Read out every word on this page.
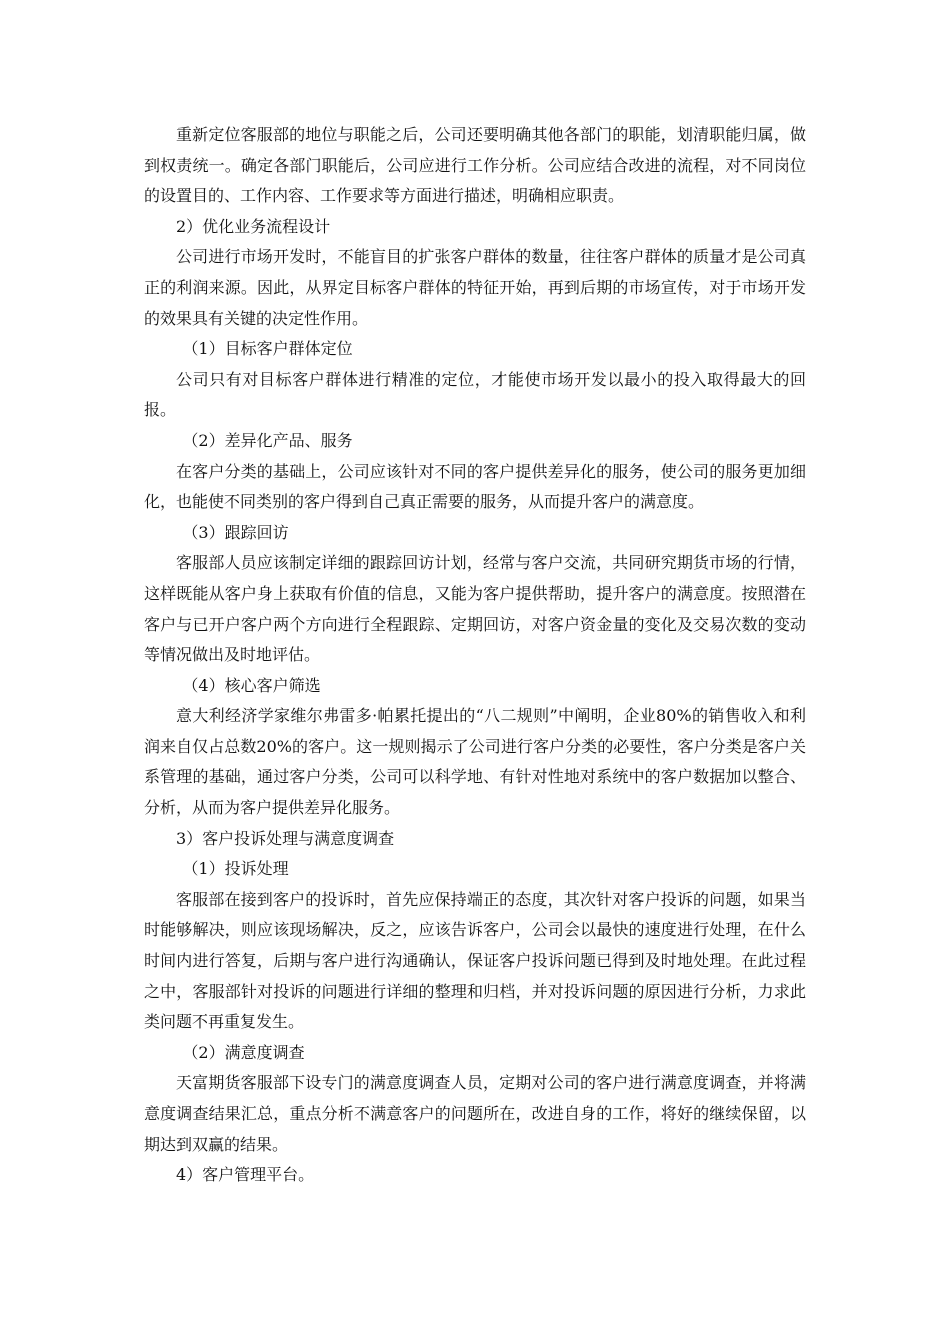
重新定位客服部的地位与职能之后，公司还要明确其他各部门的职能，划清职能归属，做到权责统一。确定各部门职能后，公司应进行工作分析。公司应结合改进的流程，对不同岗位的设置目的、工作内容、工作要求等方面进行描述，明确相应职责。

2）优化业务流程设计

公司进行市场开发时，不能盲目的扩张客户群体的数量，往往客户群体的质量才是公司真正的利润来源。因此，从界定目标客户群体的特征开始，再到后期的市场宣传，对于市场开发的效果具有关键的决定性作用。

（1）目标客户群体定位

公司只有对目标客户群体进行精准的定位，才能使市场开发以最小的投入取得最大的回报。

（2）差异化产品、服务

在客户分类的基础上，公司应该针对不同的客户提供差异化的服务，使公司的服务更加细化，也能使不同类别的客户得到自己真正需要的服务，从而提升客户的满意度。

（3）跟踪回访

客服部人员应该制定详细的跟踪回访计划，经常与客户交流，共同研究期货市场的行情，这样既能从客户身上获取有价值的信息，又能为客户提供帮助，提升客户的满意度。按照潜在客户与已开户客户两个方向进行全程跟踪、定期回访，对客户资金量的变化及交易次数的变动等情况做出及时地评估。

（4）核心客户筛选

意大利经济学家维尔弗雷多·帕累托提出的“八二规则”中阐明，企业80%的销售收入和利润来自仅占总数20%的客户。这一规则揭示了公司进行客户分类的必要性，客户分类是客户关系管理的基础，通过客户分类，公司可以科学地、有针对性地对系统中的客户数据加以整合、分析，从而为客户提供差异化服务。

3）客户投诉处理与满意度调查

（1）投诉处理

客服部在接到客户的投诉时，首先应保持端正的态度，其次针对客户投诉的问题，如果当时能够解决，则应该现场解决，反之，应该告诉客户，公司会以最快的速度进行处理，在什么时间内进行答复，后期与客户进行沟通确认，保证客户投诉问题已得到及时地处理。在此过程之中，客服部针对投诉的问题进行详细的整理和归档，并对投诉问题的原因进行分析，力求此类问题不再重复发生。

（2）满意度调查

天富期货客服部下设专门的满意度调查人员，定期对公司的客户进行满意度调查，并将满意度调查结果汇总，重点分析不满意客户的问题所在，改进自身的工作，将好的继续保留，以期达到双赢的结果。

4）客户管理平台。
